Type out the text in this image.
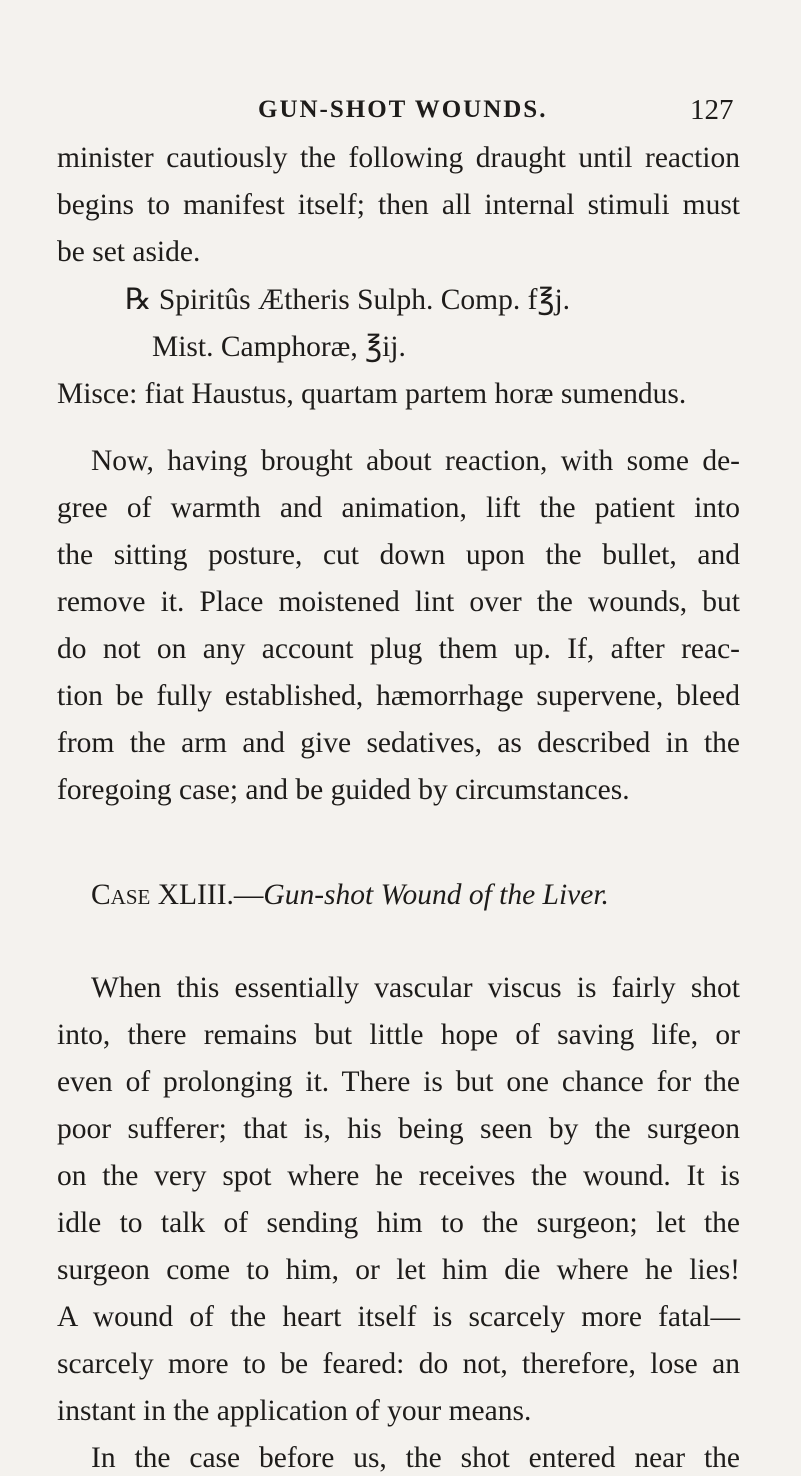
GUN-SHOT WOUNDS.	127
minister cautiously the following draught until reaction
begins to manifest itself; then all internal stimuli must
be set aside.
℞ Spiritûs Ætheris Sulph. Comp. f℥j.
Mist. Camphoræ, ℥ij.
Misce: fiat Haustus, quartam partem horæ sumendus.
Now, having brought about reaction, with some de-
gree of warmth and animation, lift the patient into
the sitting posture, cut down upon the bullet, and
remove it. Place moistened lint over the wounds, but
do not on any account plug them up. If, after reac-
tion be fully established, hæmorrhage supervene, bleed
from the arm and give sedatives, as described in the
foregoing case; and be guided by circumstances.
Case XLIII.—Gun-shot Wound of the Liver.
When this essentially vascular viscus is fairly shot
into, there remains but little hope of saving life, or
even of prolonging it. There is but one chance for the
poor sufferer; that is, his being seen by the surgeon
on the very spot where he receives the wound. It is
idle to talk of sending him to the surgeon; let the
surgeon come to him, or let him die where he lies!
A wound of the heart itself is scarcely more fatal—
scarcely more to be feared: do not, therefore, lose an
instant in the application of your means.
In the case before us, the shot entered near the
